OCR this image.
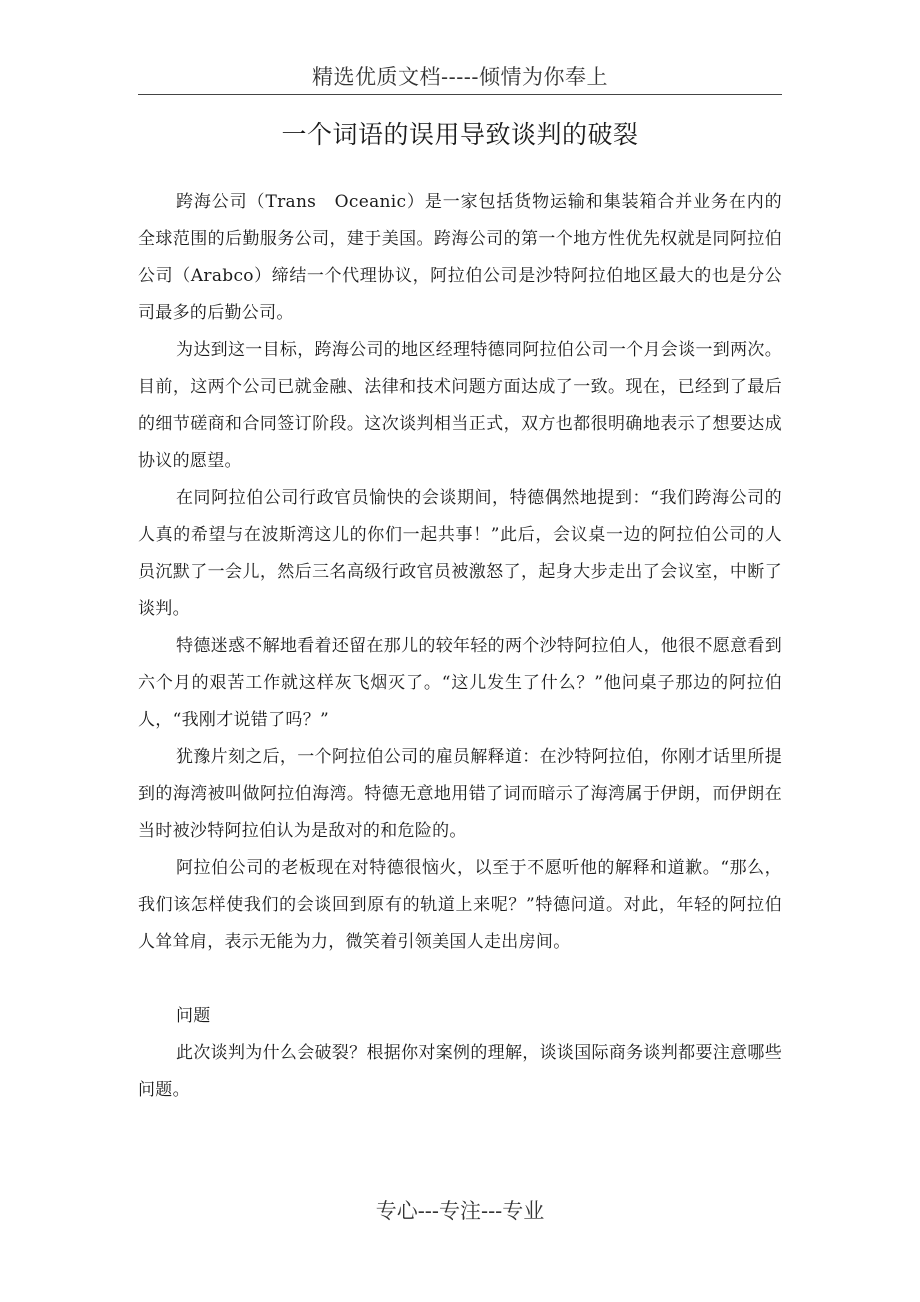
精选优质文档-----倾情为你奉上
一个词语的误用导致谈判的破裂

跨海公司（Trans　Oceanic）是一家包括货物运输和集装箱合并业务在内的全球范围的后勤服务公司，建于美国。跨海公司的第一个地方性优先权就是同阿拉伯公司（Arabco）缔结一个代理协议，阿拉伯公司是沙特阿拉伯地区最大的也是分公司最多的后勤公司。

为达到这一目标，跨海公司的地区经理特德同阿拉伯公司一个月会谈一到两次。目前，这两个公司已就金融、法律和技术问题方面达成了一致。现在，已经到了最后的细节磋商和合同签订阶段。这次谈判相当正式，双方也都很明确地表示了想要达成协议的愿望。

在同阿拉伯公司行政官员愉快的会谈期间，特德偶然地提到：“我们跨海公司的人真的希望与在波斯湾这儿的你们一起共事！”此后，会议桌一边的阿拉伯公司的人员沉默了一会儿，然后三名高级行政官员被激怒了，起身大步走出了会议室，中断了谈判。

特德迷惑不解地看着还留在那儿的较年轻的两个沙特阿拉伯人，他很不愿意看到六个月的艰苦工作就这样灰飞烟灭了。“这儿发生了什么？”他问桌子那边的阿拉伯人，“我刚才说错了吗？”

犹豫片刻之后，一个阿拉伯公司的雇员解释道：在沙特阿拉伯，你刚才话里所提到的海湾被叫做阿拉伯海湾。特德无意地用错了词而暗示了海湾属于伊朗，而伊朗在当时被沙特阿拉伯认为是敌对的和危险的。

阿拉伯公司的老板现在对特德很恼火，以至于不愿听他的解释和道歉。“那么，我们该怎样使我们的会谈回到原有的轨道上来呢？”特德问道。对此，年轻的阿拉伯人耸耸肩，表示无能为力，微笑着引领美国人走出房间。

问题

此次谈判为什么会破裂？根据你对案例的理解，谈谈国际商务谈判都要注意哪些问题。

专心---专注---专业
